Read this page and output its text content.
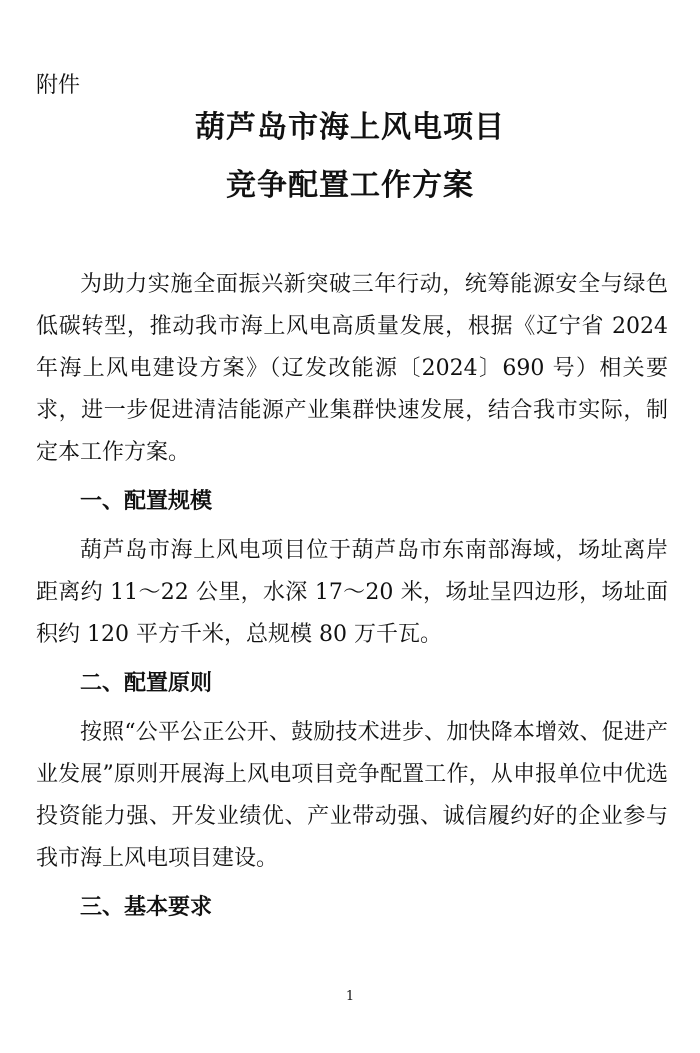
附件

葫芦岛市海上风电项目
竞争配置工作方案

为助力实施全面振兴新突破三年行动，统筹能源安全与绿色低碳转型，推动我市海上风电高质量发展，根据《辽宁省 2024 年海上风电建设方案》（辽发改能源〔2024〕690 号）相关要求，进一步促进清洁能源产业集群快速发展，结合我市实际，制定本工作方案。

一、配置规模

葫芦岛市海上风电项目位于葫芦岛市东南部海域，场址离岸距离约 11～22 公里，水深 17～20 米，场址呈四边形，场址面积约 120 平方千米，总规模 80 万千瓦。

二、配置原则

按照“公平公正公开、鼓励技术进步、加快降本增效、促进产业发展”原则开展海上风电项目竞争配置工作，从申报单位中优选投资能力强、开发业绩优、产业带动强、诚信履约好的企业参与我市海上风电项目建设。

三、基本要求
1
